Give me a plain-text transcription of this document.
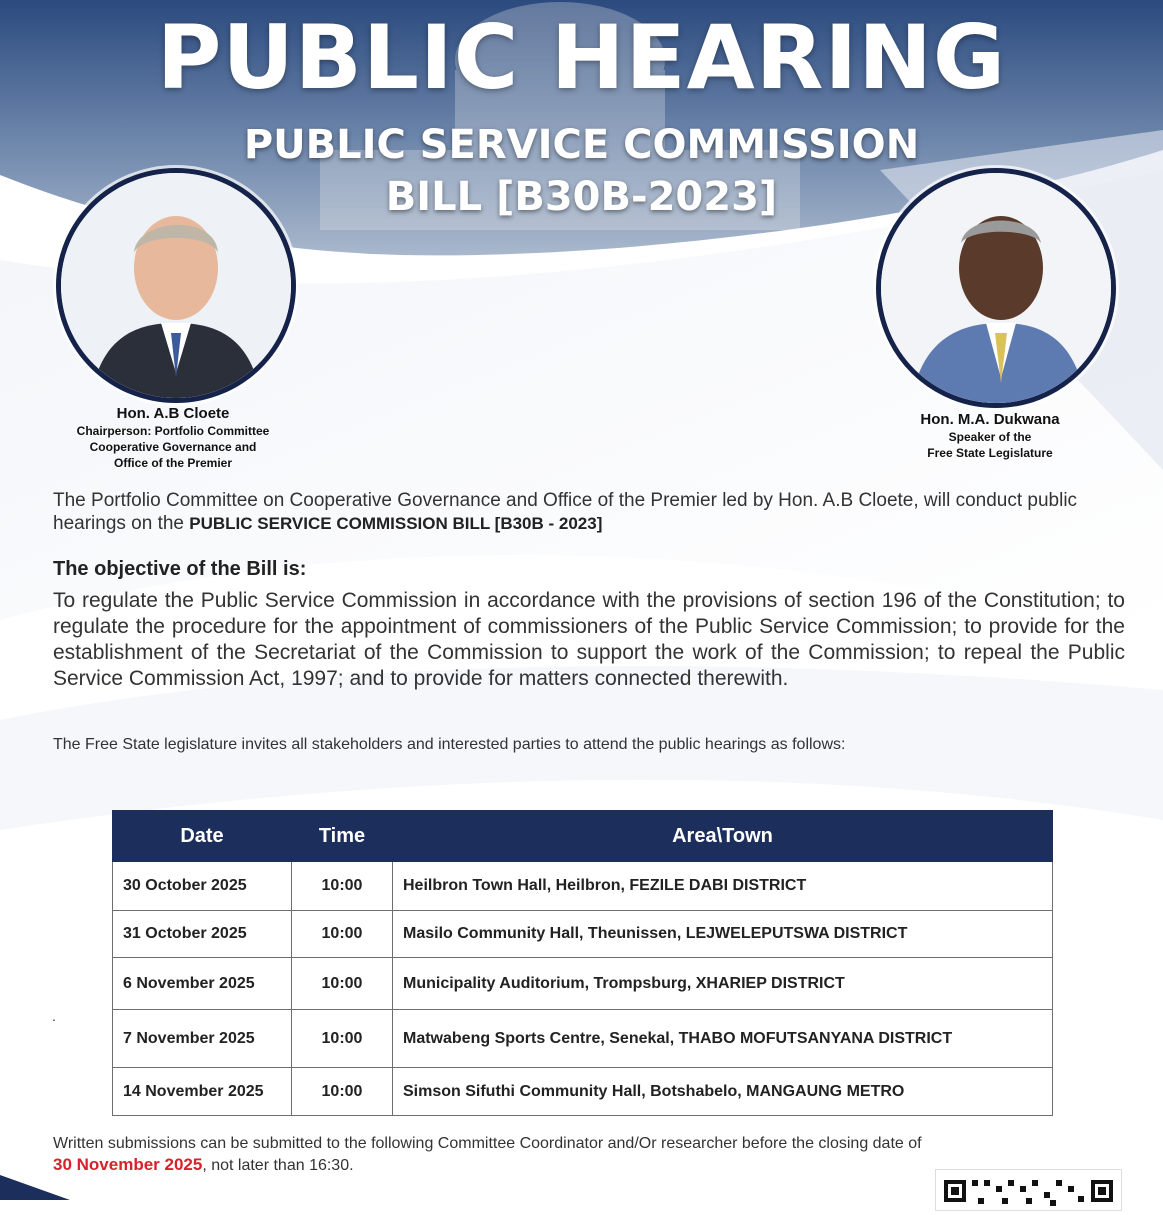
PUBLIC HEARING
PUBLIC SERVICE COMMISSION
BILL [B30B-2023]
Hon. A.B Cloete
Chairperson: Portfolio Committee
Cooperative Governance and
Office of the Premier
Hon. M.A. Dukwana
Speaker of the
Free State Legislature
The Portfolio Committee on Cooperative Governance and Office of the Premier led by Hon. A.B Cloete, will conduct public hearings on the PUBLIC SERVICE COMMISSION BILL [B30B - 2023]
The objective of the Bill is:
To regulate the Public Service Commission in accordance with the provisions of section 196 of the Constitution; to regulate the procedure for the appointment of commissioners of the Public Service Commission; to provide for the establishment of the Secretariat of the Commission to support the work of the Commission; to repeal the Public Service Commission Act, 1997; and to provide for matters connected therewith.
The Free State legislature invites all stakeholders and interested parties to attend the public hearings as follows:
.
Date	Time	Area\Town
30 October 2025	10:00	Heilbron Town Hall, Heilbron, FEZILE DABI DISTRICT
31 October 2025	10:00	Masilo Community Hall, Theunissen, LEJWELEPUTSWA DISTRICT
6 November 2025	10:00	Municipality Auditorium, Trompsburg, XHARIEP DISTRICT
7 November 2025	10:00	Matwabeng Sports Centre, Senekal, THABO MOFUTSANYANA DISTRICT
14 November 2025	10:00	Simson Sifuthi Community Hall, Botshabelo, MANGAUNG METRO
Written submissions can be submitted to the following Committee Coordinator and/Or researcher before the closing date of
30 November 2025, not later than 16:30.
